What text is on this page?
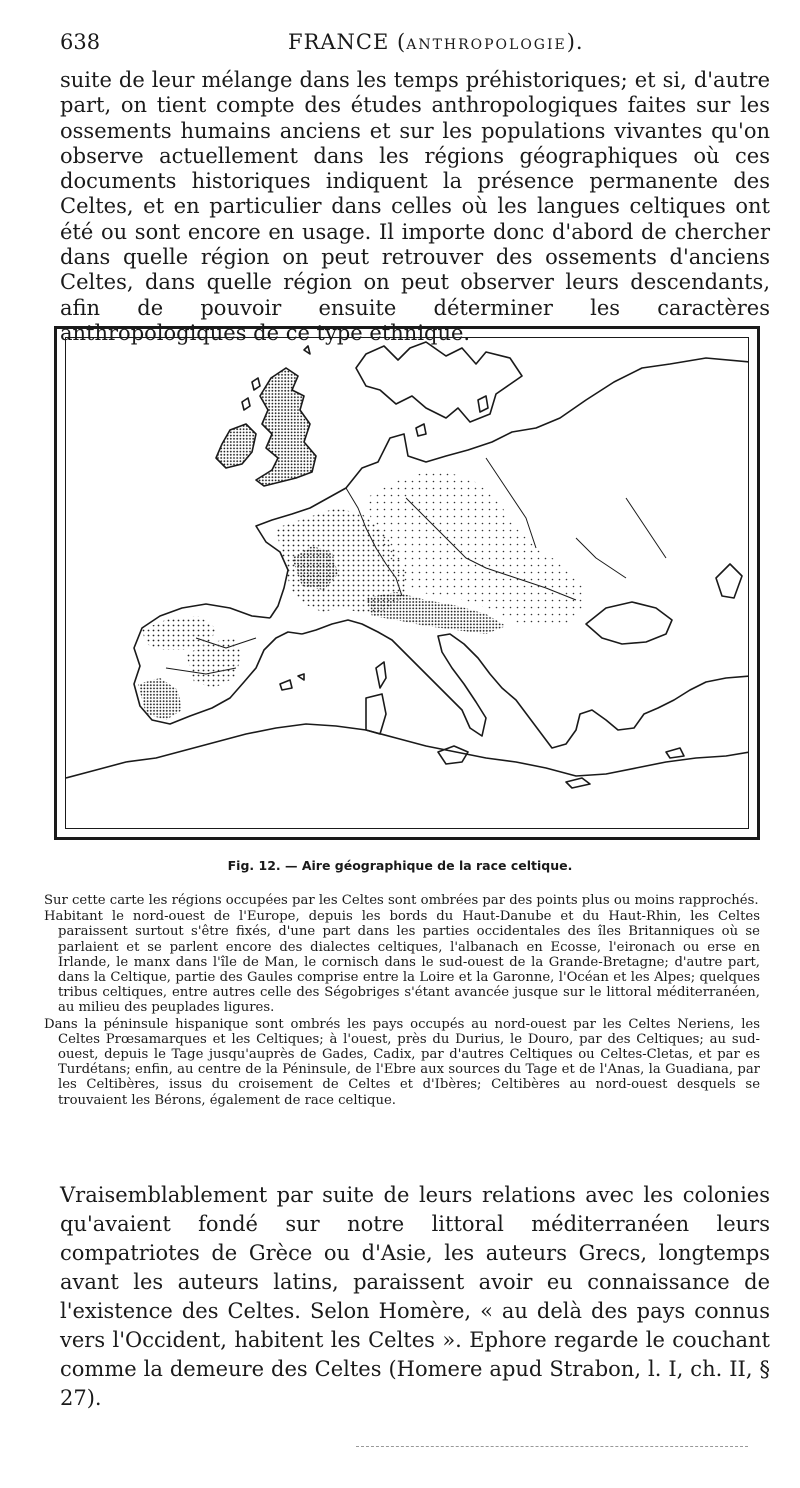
638	FRANCE (ANTHROPOLOGIE).

suite de leur mélange dans les temps préhistoriques; et si, d'autre part, on tient compte des études anthropologiques faites sur les ossements humains anciens et sur les populations vivantes qu'on observe actuellement dans les régions géographiques où ces documents historiques indiquent la présence permanente des Celtes, et en particulier dans celles où les langues celtiques ont été ou sont encore en usage. Il importe donc d'abord de chercher dans quelle région on peut retrouver des ossements d'anciens Celtes, dans quelle région on peut observer leurs descendants, afin de pouvoir ensuite déterminer les caractères anthropologiques de ce type ethnique.

Fig. 12. — Aire géographique de la race celtique.

Sur cette carte les régions occupées par les Celtes sont ombrées par des points plus ou moins rapprochés.

Habitant le nord-ouest de l'Europe, depuis les bords du Haut-Danube et du Haut-Rhin, les Celtes paraissent surtout s'être fixés, d'une part dans les parties occidentales des îles Britanniques où se parlaient et se parlent encore des dialectes celtiques, l'albanach en Ecosse, l'eironach ou erse en Irlande, le manx dans l'île de Man, le cornisch dans le sud-ouest de la Grande-Bretagne; d'autre part, dans la Celtique, partie des Gaules comprise entre la Loire et la Garonne, l'Océan et les Alpes; quelques tribus celtiques, entre autres celle des Ségobriges s'étant avancée jusque sur le littoral méditerranéen, au milieu des peuplades ligures.

Dans la péninsule hispanique sont ombrés les pays occupés au nord-ouest par les Celtes Neriens, les Celtes Prœsamarques et les Celtiques; à l'ouest, près du Durius, le Douro, par des Celtiques; au sud-ouest, depuis le Tage jusqu'auprès de Gades, Cadix, par d'autres Celtiques ou Celtes-Cletas, et par es Turdétans; enfin, au centre de la Péninsule, de l'Ebre aux sources du Tage et de l'Anas, la Guadiana, par les Celtibères, issus du croisement de Celtes et d'Ibères; Celtibères au nord-ouest desquels se trouvaient les Bérons, également de race celtique.

Vraisemblablement par suite de leurs relations avec les colonies qu'avaient fondé sur notre littoral méditerranéen leurs compatriotes de Grèce ou d'Asie, les auteurs Grecs, longtemps avant les auteurs latins, paraissent avoir eu connaissance de l'existence des Celtes. Selon Homère, « au delà des pays connus vers l'Occident, habitent les Celtes ». Ephore regarde le couchant comme la demeure des Celtes (Homere apud Strabon, l. I, ch. II, § 27).
